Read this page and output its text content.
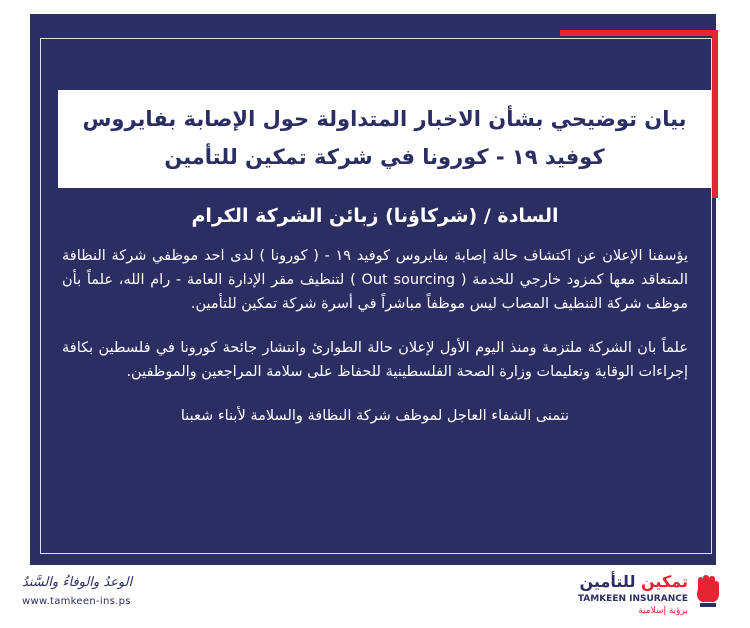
بيان توضيحي بشأن الاخبار المتداولة حول الإصابة بفايروس
كوفيد ١٩ - كورونا في شركة تمكين للتأمين
السادة / (شركاؤنا) زبائن الشركة الكرام

يؤسفنا الإعلان عن اكتشاف حالة إصابة بفايروس كوفيد ١٩ - ( كورونا ) لدى احد موظفي شركة النظافة المتعاقد معها كمزود خارجي للخدمة ( Out sourcing ) لتنظيف مقر الإدارة العامة - رام الله، علماً بأن موظف شركة التنظيف المصاب ليس موظفاً مباشراً في أسرة شركة تمكين للتأمين.

علماً بان الشركة ملتزمة ومنذ اليوم الأول لإعلان حالة الطوارئ وانتشار جائحة كورونا في فلسطين بكافة إجراءات الوقاية وتعليمات وزارة الصحة الفلسطينية للحفاظ على سلامة المراجعين والموظفين.

نتمنى الشفاء العاجل لموظف شركة النظافة والسلامة لأبناء شعبنا
الوعدُ والوفاءُ والسَّندُ
www.tamkeen-ins.ps
تمكين للتأمين
TAMKEEN INSURANCE
برؤية إسلامية
